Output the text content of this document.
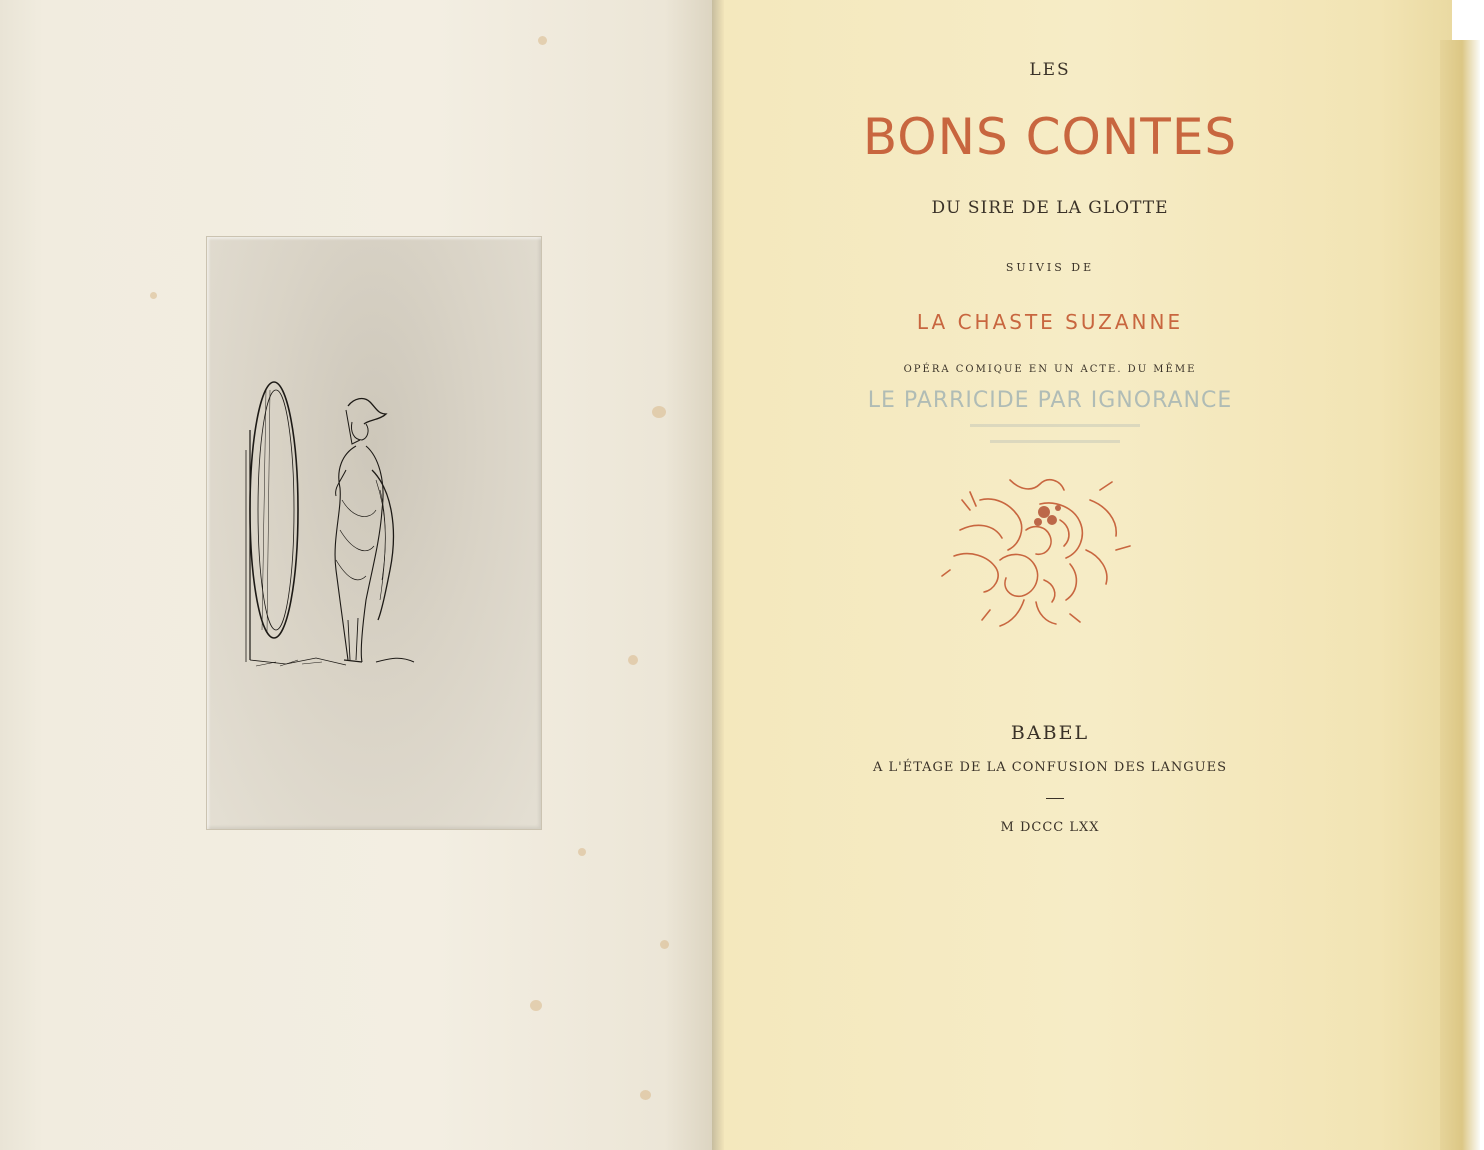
LES
BONS CONTES
DU SIRE DE LA GLOTTE
SUIVIS DE
LA CHASTE SUZANNE
OPÉRA COMIQUE EN UN ACTE. DU MÊME
LE PARRICIDE PAR IGNORANCE
BABEL
A L'ÉTAGE DE LA CONFUSION DES LANGUES
M DCCC LXX
